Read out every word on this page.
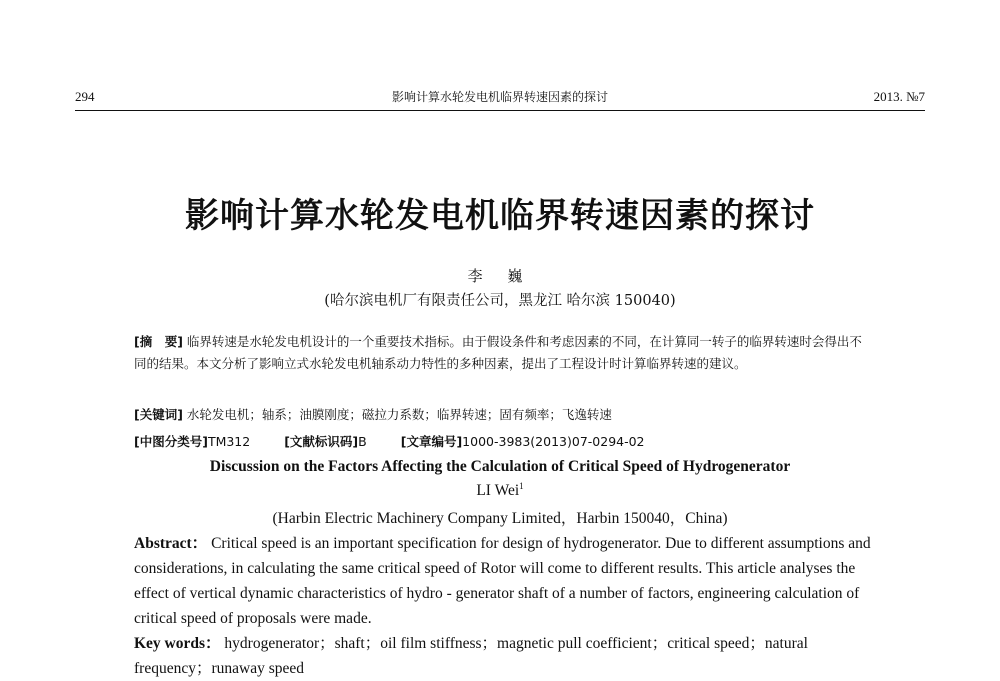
294	影响计算水轮发电机临界转速因素的探讨	2013. №7
影响计算水轮发电机临界转速因素的探讨
李 巍
(哈尔滨电机厂有限责任公司，黑龙江 哈尔滨 150040)
[摘　要] 临界转速是水轮发电机设计的一个重要技术指标。由于假设条件和考虑因素的不同，在计算同一转子的临界转速时会得出不同的结果。本文分析了影响立式水轮发电机轴系动力特性的多种因素，提出了工程设计时计算临界转速的建议。
[关键词] 水轮发电机；轴系；油膜刚度；磁拉力系数；临界转速；固有频率；飞逸转速
[中图分类号]TM312	[文献标识码]B	[文章编号]1000-3983(2013)07-0294-02
Discussion on the Factors Affecting the Calculation of Critical Speed of Hydrogenerator
LI Wei$^1$
(Harbin Electric Machinery Company Limited，Harbin 150040，China)
Abstract： Critical speed is an important specification for design of hydrogenerator. Due to different assumptions and considerations, in calculating the same critical speed of Rotor will come to different results. This article analyses the effect of vertical dynamic characteristics of hydro - generator shaft of a number of factors, engineering calculation of critical speed of proposals were made.
Key words： hydrogenerator；shaft；oil film stiffness；magnetic pull coefficient；critical speed；natural frequency；runaway speed
